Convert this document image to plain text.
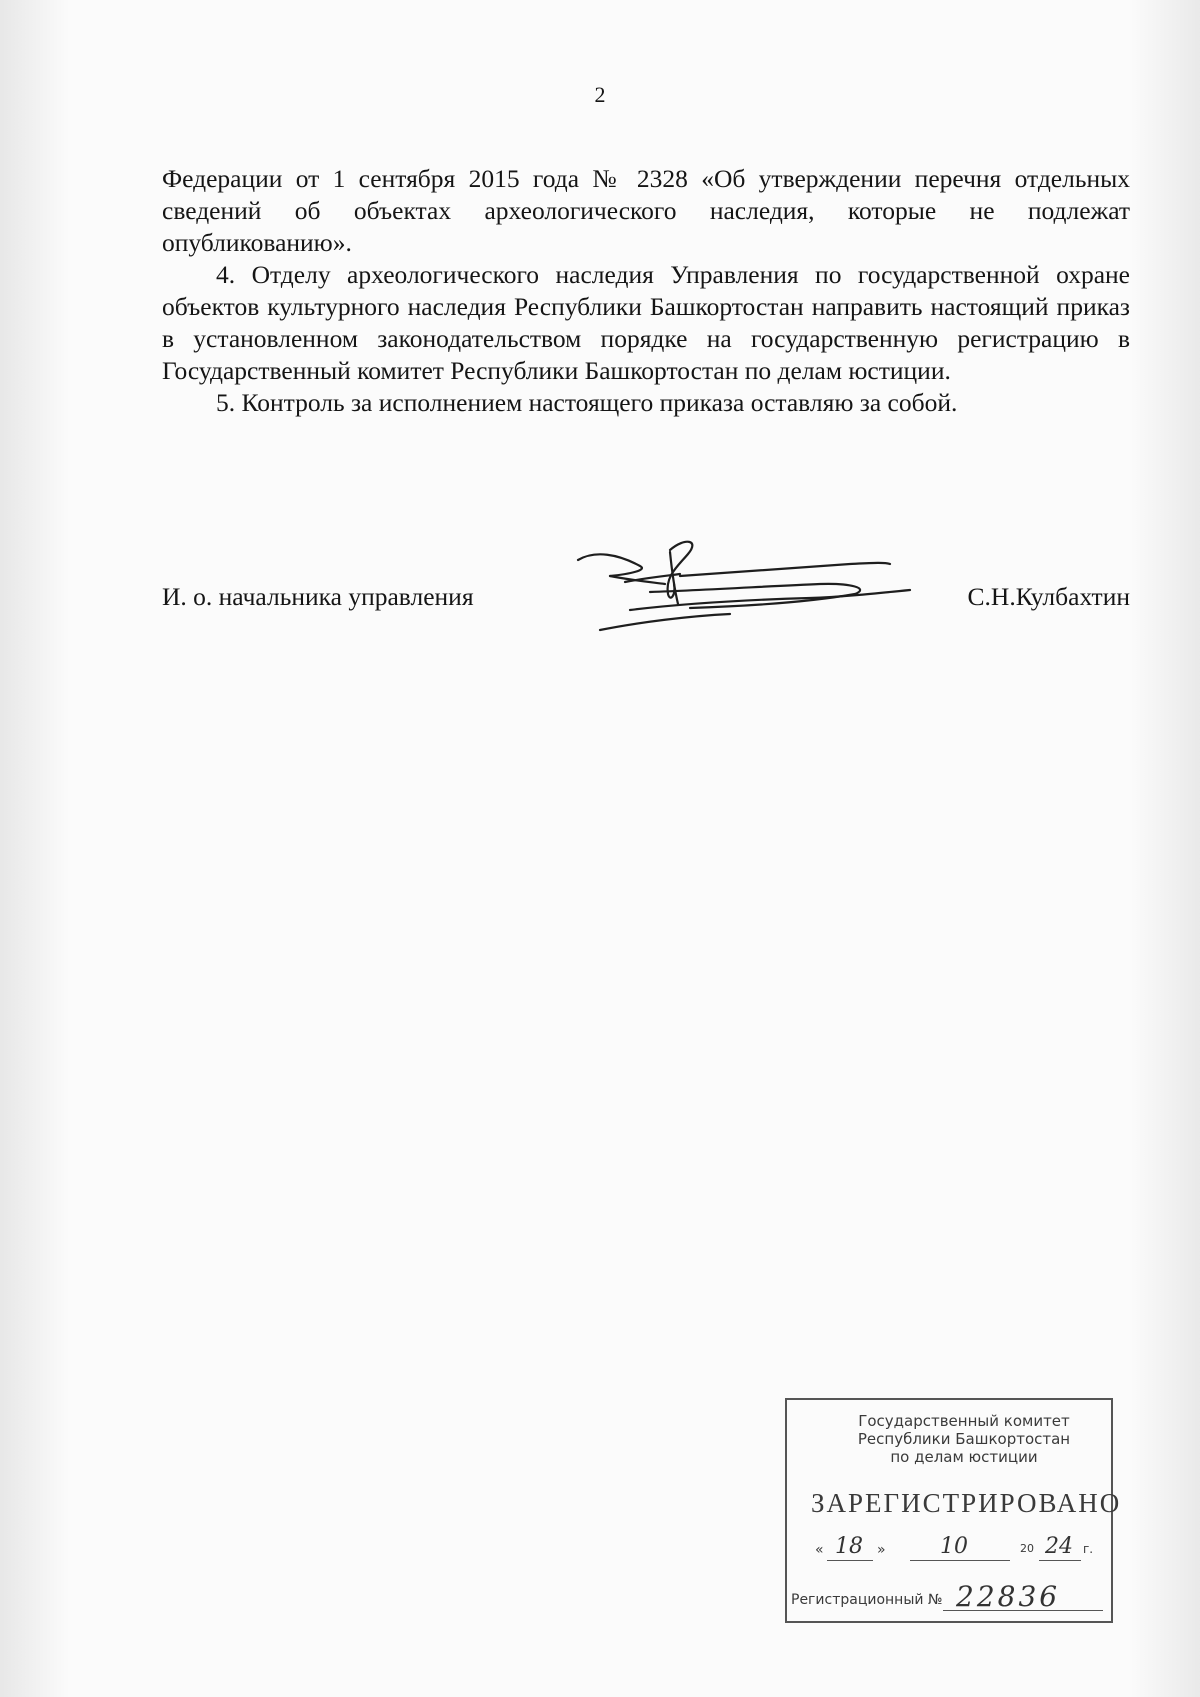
2

Федерации от 1 сентября 2015 года № 2328 «Об утверждении перечня отдельных сведений об объектах археологического наследия, которые не подлежат опубликованию».

4. Отделу археологического наследия Управления по государственной охране объектов культурного наследия Республики Башкортостан направить настоящий приказ в установленном законодательством порядке на государственную регистрацию в Государственный комитет Республики Башкортостан по делам юстиции.

5. Контроль за исполнением настоящего приказа оставляю за собой.

И. о. начальника управления	С.Н.Кулбахтин
Государственный комитет
Республики Башкортостан
по делам юстиции
ЗАРЕГИСТРИРОВАНО
« 18 » 10	20 24 г.
Регистрационный № 22836
